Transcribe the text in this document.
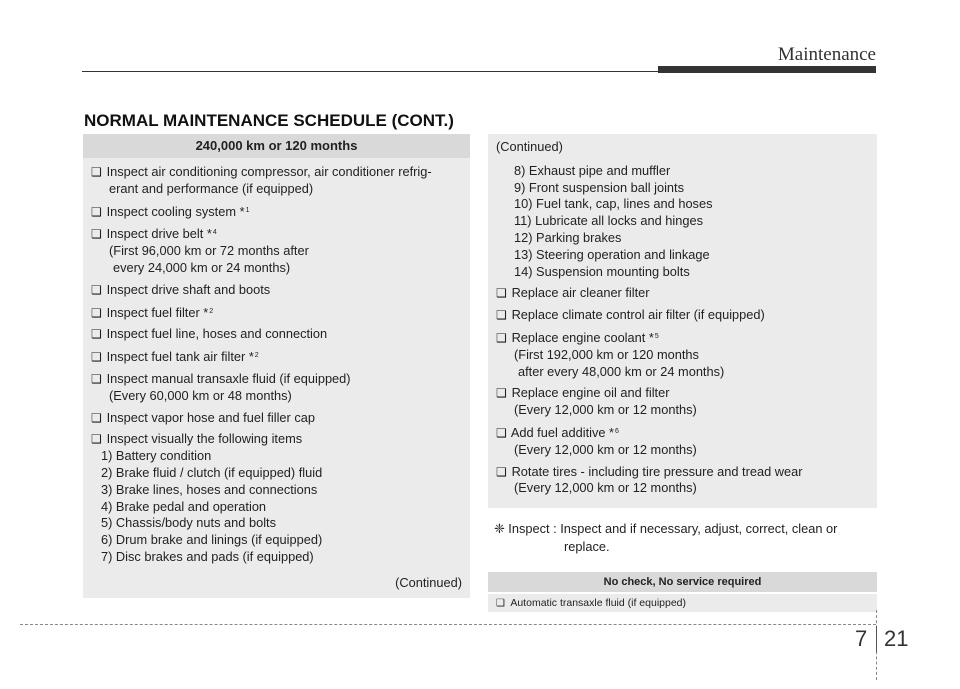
Maintenance
NORMAL MAINTENANCE SCHEDULE (CONT.)
240,000 km or 120 months
❑ Inspect air conditioning compressor, air conditioner refrig-
erant and performance (if equipped)
❑ Inspect cooling system *$^1$
❑ Inspect drive belt *$^4$
(First 96,000 km or 72 months after
every 24,000 km or 24 months)
❑ Inspect drive shaft and boots
❑ Inspect fuel filter *$^2$
❑ Inspect fuel line, hoses and connection
❑ Inspect fuel tank air filter *$^2$
❑ Inspect manual transaxle fluid (if equipped)
(Every 60,000 km or 48 months)
❑ Inspect vapor hose and fuel filler cap
❑ Inspect visually the following items
1) Battery condition
2) Brake fluid / clutch (if equipped) fluid
3) Brake lines, hoses and connections
4) Brake pedal and operation
5) Chassis/body nuts and bolts
6) Drum brake and linings (if equipped)
7) Disc brakes and pads (if equipped)
(Continued)
(Continued)
8) Exhaust pipe and muffler
9) Front suspension ball joints
10) Fuel tank, cap, lines and hoses
11) Lubricate all locks and hinges
12) Parking brakes
13) Steering operation and linkage
14) Suspension mounting bolts
❑ Replace air cleaner filter
❑ Replace climate control air filter (if equipped)
❑ Replace engine coolant *$^5$
(First 192,000 km or 120 months
after every 48,000 km or 24 months)
❑ Replace engine oil and filter
(Every 12,000 km or 12 months)
❑ Add fuel additive *$^6$
(Every 12,000 km or 12 months)
❑ Rotate tires - including tire pressure and tread wear
(Every 12,000 km or 12 months)
❈ Inspect : Inspect and if necessary, adjust, correct, clean or
replace.
No check, No service required
❑ Automatic transaxle fluid (if equipped)
7 21
